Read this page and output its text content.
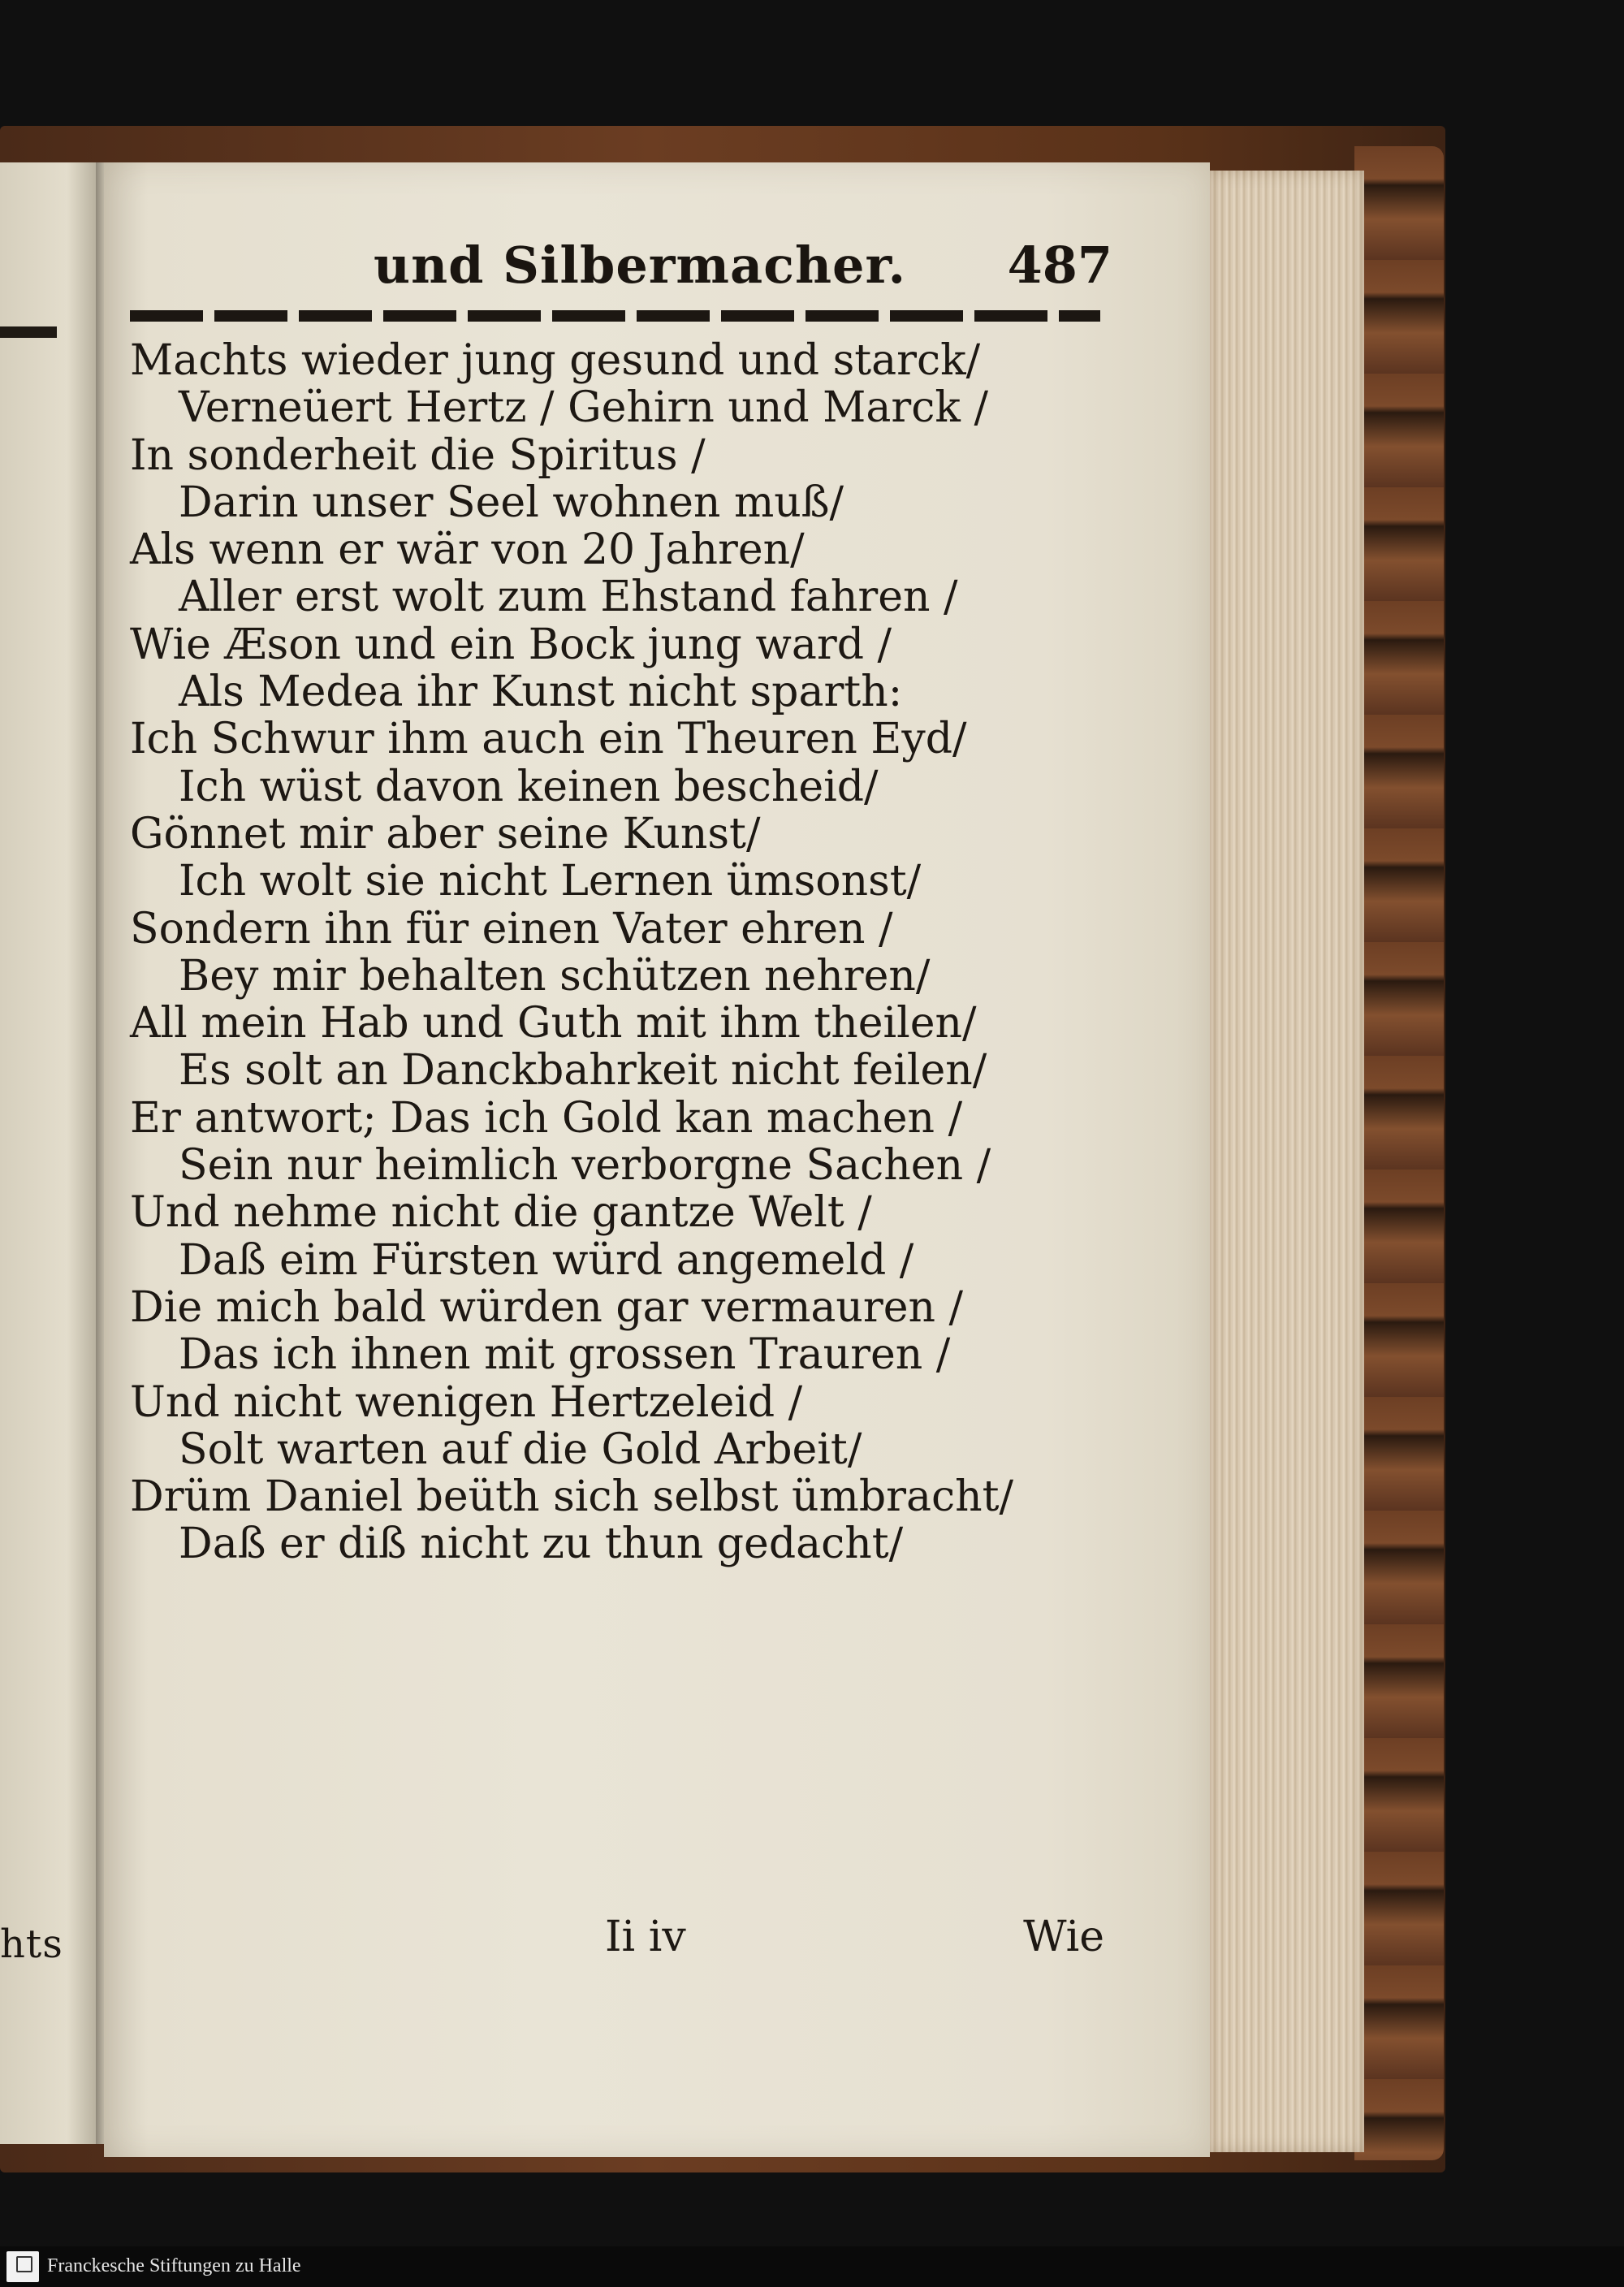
hts
und Silbermacher. 487
Machts wieder jung gesund und starck/
Verneüert Hertz / Gehirn und Marck /
In sonderheit die Spiritus /
Darin unser Seel wohnen muß/
Als wenn er wär von 20 Jahren/
Aller erst wolt zum Ehstand fahren /
Wie Æson und ein Bock jung ward /
Als Medea ihr Kunst nicht sparth:
Ich Schwur ihm auch ein Theuren Eyd/
Ich wüst davon keinen bescheid/
Gönnet mir aber seine Kunst/
Ich wolt sie nicht Lernen ümsonst/
Sondern ihn für einen Vater ehren /
Bey mir behalten schützen nehren/
All mein Hab und Guth mit ihm theilen/
Es solt an Danckbahrkeit nicht feilen/
Er antwort; Das ich Gold kan machen /
Sein nur heimlich verborgne Sachen /
Und nehme nicht die gantze Welt /
Daß eim Fürsten würd angemeld /
Die mich bald würden gar vermauren /
Das ich ihnen mit grossen Trauren /
Und nicht wenigen Hertzeleid /
Solt warten auf die Gold Arbeit/
Drüm Daniel beüth sich selbst ümbracht/
Daß er diß nicht zu thun gedacht/
Ii iv	Wie
Franckesche Stiftungen zu Halle
